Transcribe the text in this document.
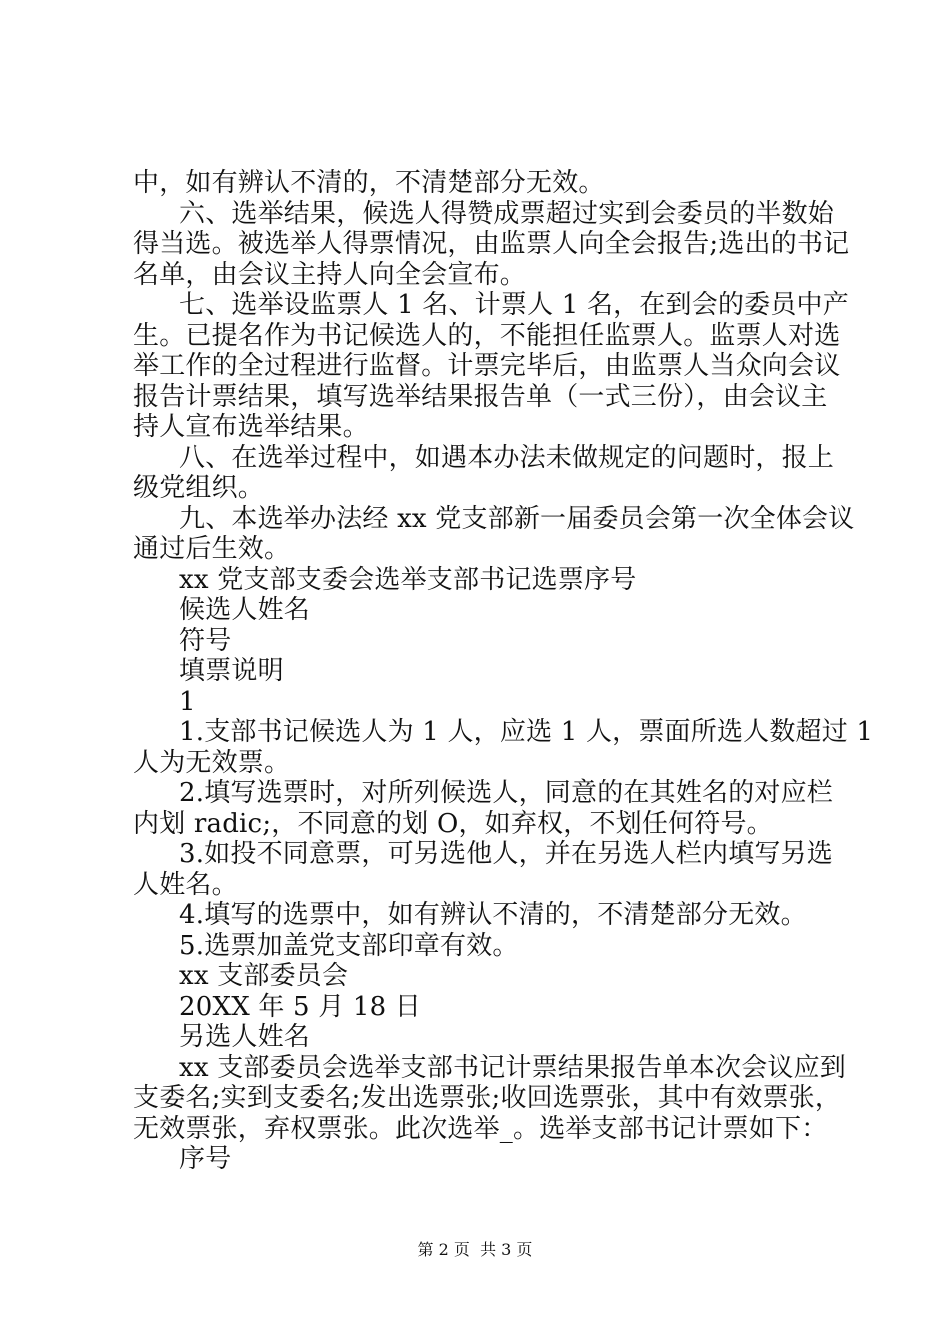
中，如有辨认不清的，不清楚部分无效。
六、选举结果，候选人得赞成票超过实到会委员的半数始
得当选。被选举人得票情况，由监票人向全会报告;选出的书记
名单，由会议主持人向全会宣布。
七、选举设监票人 1 名、计票人 1 名，在到会的委员中产
生。已提名作为书记候选人的，不能担任监票人。监票人对选
举工作的全过程进行监督。计票完毕后，由监票人当众向会议
报告计票结果，填写选举结果报告单（一式三份），由会议主
持人宣布选举结果。
八、在选举过程中，如遇本办法未做规定的问题时，报上
级党组织。
九、本选举办法经 xx 党支部新一届委员会第一次全体会议
通过后生效。
xx 党支部支委会选举支部书记选票序号
候选人姓名
符号
填票说明
1
1.支部书记候选人为 1 人，应选 1 人，票面所选人数超过 1
人为无效票。
2.填写选票时，对所列候选人，同意的在其姓名的对应栏
内划 radic;，不同意的划 O，如弃权，不划任何符号。
3.如投不同意票，可另选他人，并在另选人栏内填写另选
人姓名。
4.填写的选票中，如有辨认不清的，不清楚部分无效。
5.选票加盖党支部印章有效。
xx 支部委员会
20XX 年 5 月 18 日
另选人姓名
xx 支部委员会选举支部书记计票结果报告单本次会议应到
支委名;实到支委名;发出选票张;收回选票张，其中有效票张，
无效票张，弃权票张。此次选举_。选举支部书记计票如下：
序号
第 2 页  共 3 页
